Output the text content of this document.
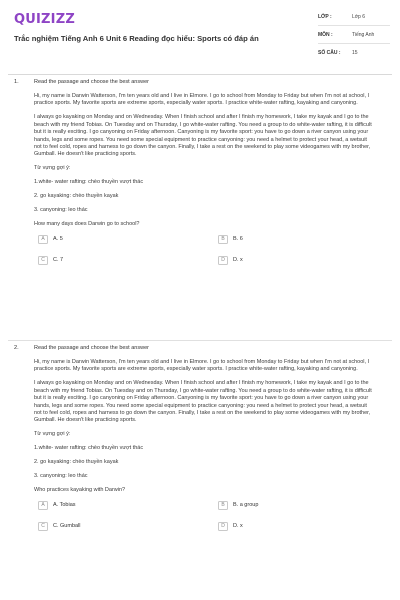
QUIZIZZ
Trắc nghiệm Tiếng Anh 6 Unit 6 Reading đọc hiểu: Sports có đáp án
LỚP :	Lớp 6
MÔN :	Tiếng Anh
SỐ CÂU :	15
1.	Read the passage and choose the best answer

Hi, my name is Darwin Watterson, I'm ten years old and I live in Elmore. I go to school from Monday to Friday but when I'm not at school, I practice sports. My favorite sports are extreme sports, especially water sports. I practice white-water rafting, kayaking and canyoning.

I always go kayaking on Monday and on Wednesday. When I finish school and after I finish my homework, I take my kayak and I go to the beach with my friend Tobias. On Tuesday and on Thursday, I go white-water rafting. You need a group to do white-water rafting, it is difficult but it is really exciting. I go canyoning on Friday afternoon. Canyoning is my favorite sport: you have to go down a river canyon using your hands, legs and some ropes. You need some special equipment to practice canyoning: you need a helmet to protect your head, a wetsuit not to feel cold, ropes and harness to go down the canyon. Finally, I take a rest on the weekend to play some videogames with my brother, Gumball. He doesn't like practicing sports.

Từ vựng gợi ý:

1.white- water rafting: chèo thuyền vượt thác

2. go kayaking: chèo thuyền kayak

3. canyoning: leo thác

How many days does Darwin go to school?

A	A. 5	B	B. 6
C	C. 7	D	D. x
2.	Read the passage and choose the best answer

Hi, my name is Darwin Watterson, I'm ten years old and I live in Elmore. I go to school from Monday to Friday but when I'm not at school, I practice sports. My favorite sports are extreme sports, especially water sports. I practice white-water rafting, kayaking and canyoning.

I always go kayaking on Monday and on Wednesday. When I finish school and after I finish my homework, I take my kayak and I go to the beach with my friend Tobias. On Tuesday and on Thursday, I go white-water rafting. You need a group to do white-water rafting, it is difficult but it is really exciting. I go canyoning on Friday afternoon. Canyoning is my favorite sport: you have to go down a river canyon using your hands, legs and some ropes. You need some special equipment to practice canyoning: you need a helmet to protect your head, a wetsuit not to feel cold, ropes and harness to go down the canyon. Finally, I take a rest on the weekend to play some videogames with my brother, Gumball. He doesn't like practicing sports.

Từ vựng gợi ý:

1.white- water rafting: chèo thuyền vượt thác

2. go kayaking: chèo thuyền kayak

3. canyoning: leo thác

Who practices kayaking with Darwin?

A	A. Tobias	B	B. a group
C	C. Gumball	D	D. x
